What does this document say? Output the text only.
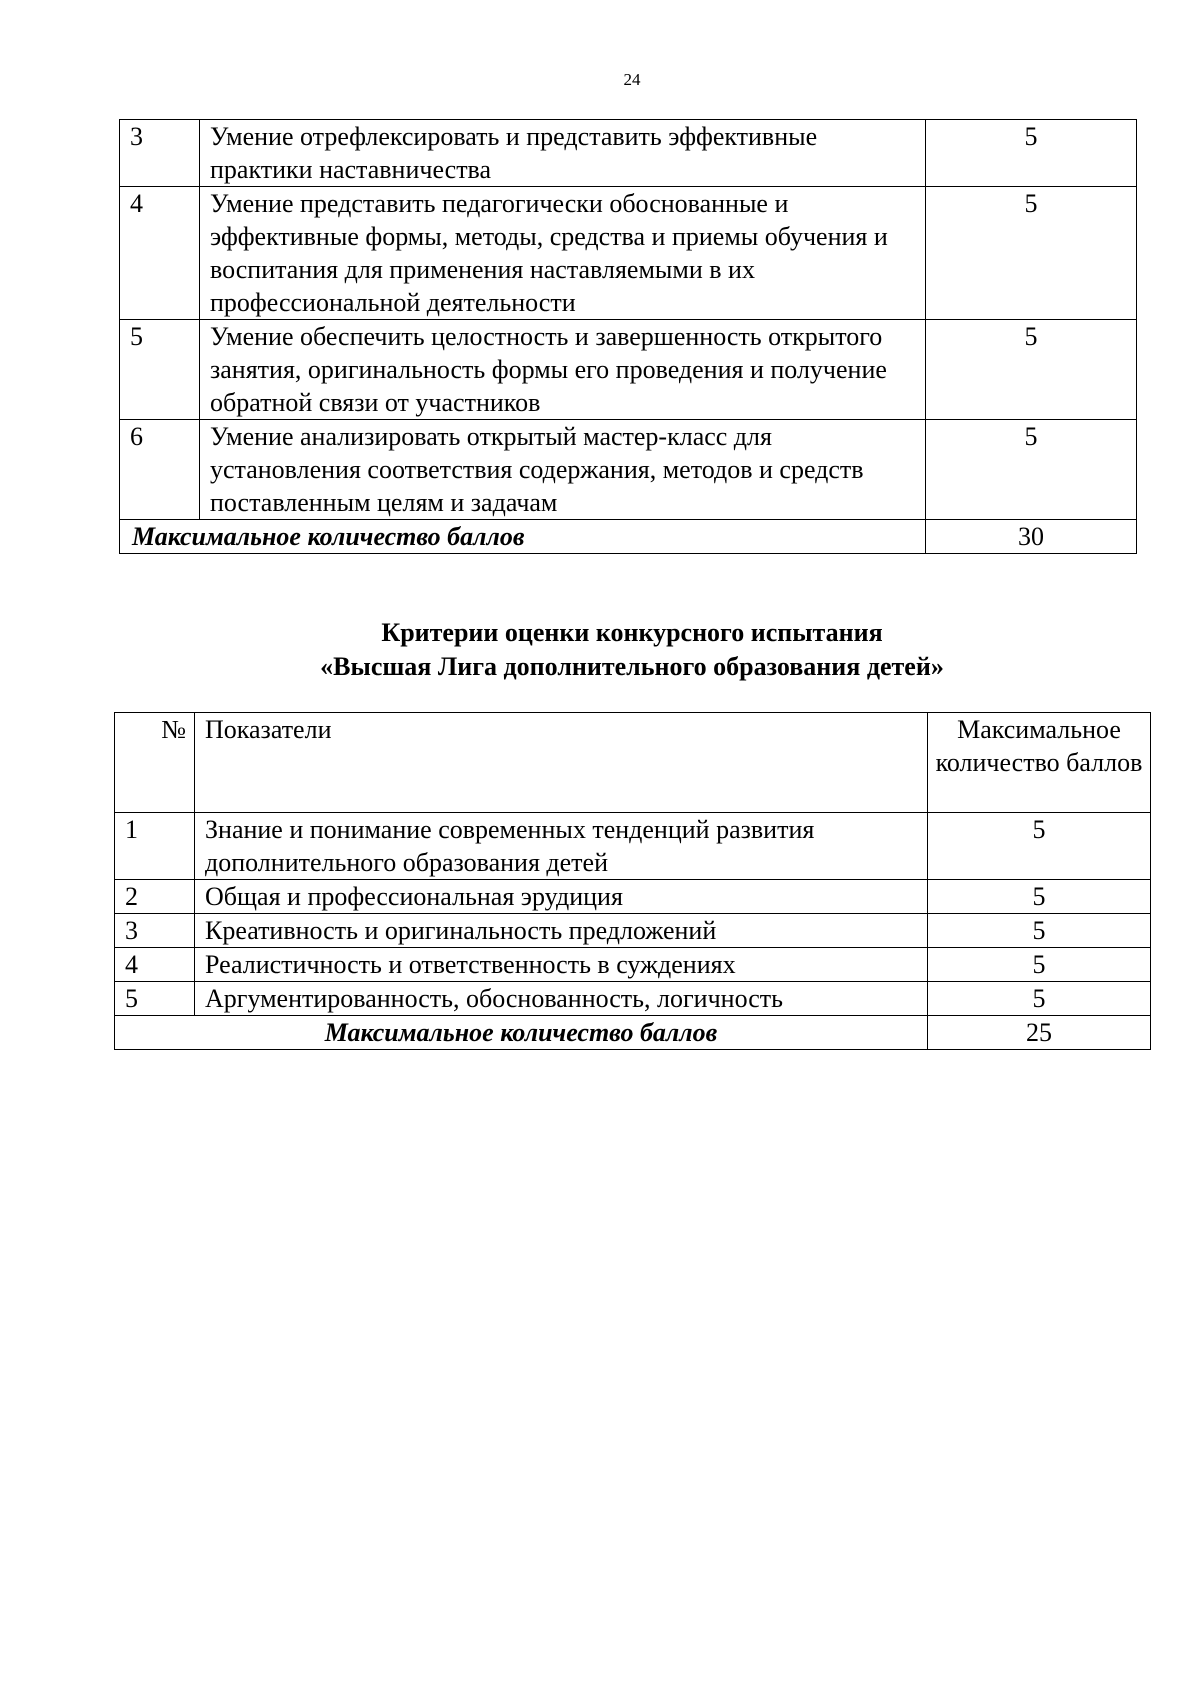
24
3	Умение отрефлексировать и представить эффективные практики наставничества	5
4	Умение представить педагогически обоснованные и эффективные формы, методы, средства и приемы обучения и воспитания для применения наставляемыми в их профессиональной деятельности	5
5	Умение обеспечить целостность и завершенность открытого занятия, оригинальность формы его проведения и получение обратной связи от участников	5
6	Умение анализировать открытый мастер-класс для установления соответствия содержания, методов и средств поставленным целям и задачам	5
Максимальное количество баллов		30
Критерии оценки конкурсного испытания
«Высшая Лига дополнительного образования детей»
№	Показатели	Максимальное количество баллов
1	Знание и понимание современных тенденций развития дополнительного образования детей	5
2	Общая и профессиональная эрудиция	5
3	Креативность и оригинальность предложений	5
4	Реалистичность и ответственность в суждениях	5
5	Аргументированность, обоснованность, логичность	5
Максимальное количество баллов		25
